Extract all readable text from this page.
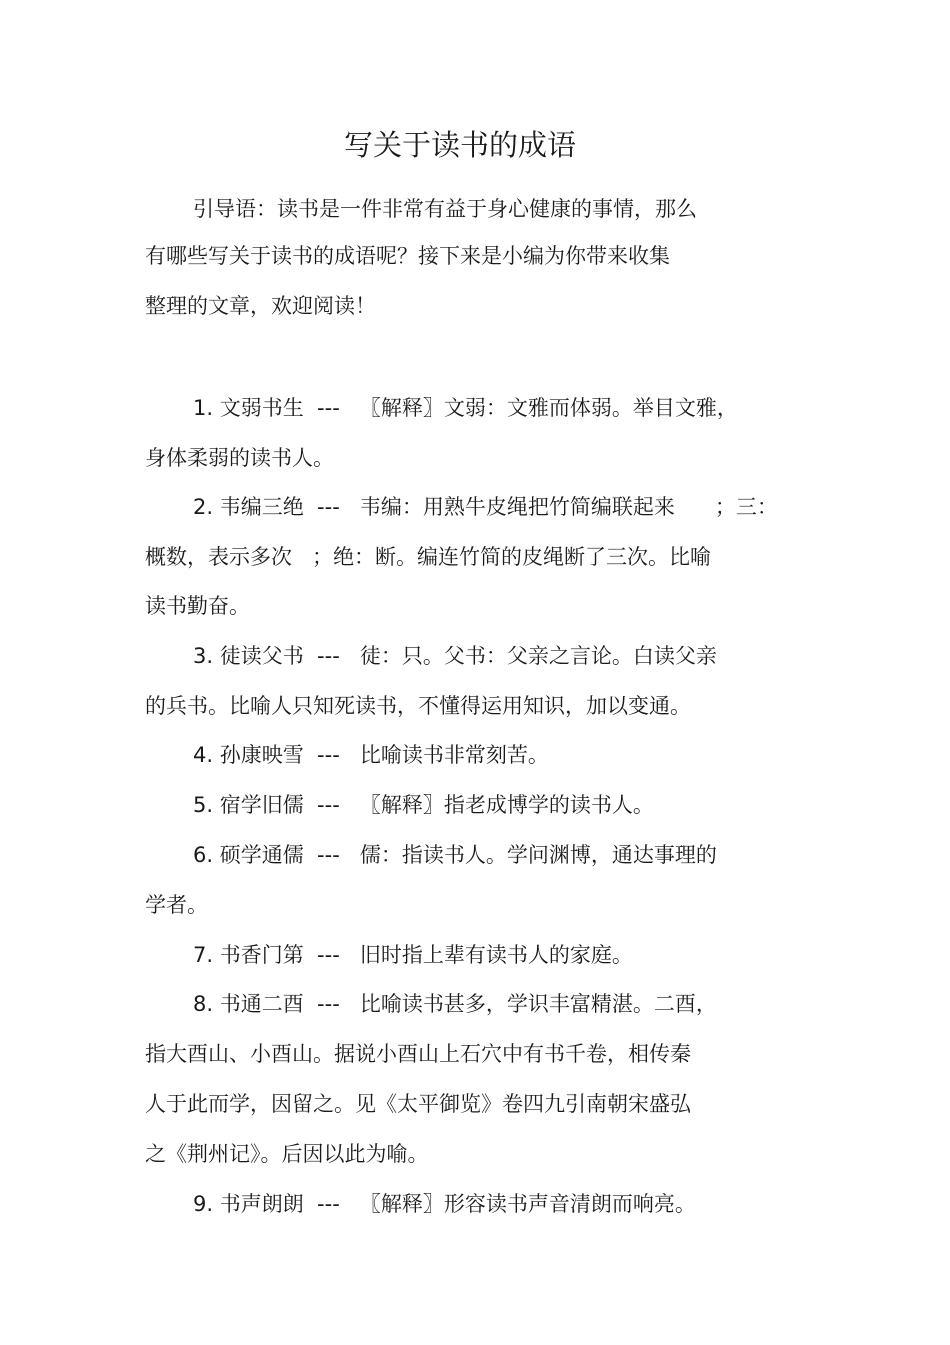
写关于读书的成语
引导语：读书是一件非常有益于身心健康的事情，那么
有哪些写关于读书的成语呢？接下来是小编为你带来收集
整理的文章，欢迎阅读！
1. 文弱书生  ---   〖解释〗文弱：文雅而体弱。举目文雅，
身体柔弱的读书人。
2. 韦编三绝  ---   韦编：用熟牛皮绳把竹简编联起来      ；三：
概数，表示多次   ；绝：断。编连竹简的皮绳断了三次。比喻
读书勤奋。
3. 徒读父书  ---   徒：只。父书：父亲之言论。白读父亲
的兵书。比喻人只知死读书，不懂得运用知识，加以变通。
4. 孙康映雪  ---   比喻读书非常刻苦。
5. 宿学旧儒  ---   〖解释〗指老成博学的读书人。
6. 硕学通儒  ---   儒：指读书人。学问渊博，通达事理的
学者。
7. 书香门第  ---   旧时指上辈有读书人的家庭。
8. 书通二酉  ---   比喻读书甚多，学识丰富精湛。二酉，
指大酉山、小酉山。据说小酉山上石穴中有书千卷，相传秦
人于此而学，因留之。见《太平御览》卷四九引南朝宋盛弘
之《荆州记》。后因以此为喻。
9. 书声朗朗  ---   〖解释〗形容读书声音清朗而响亮。
